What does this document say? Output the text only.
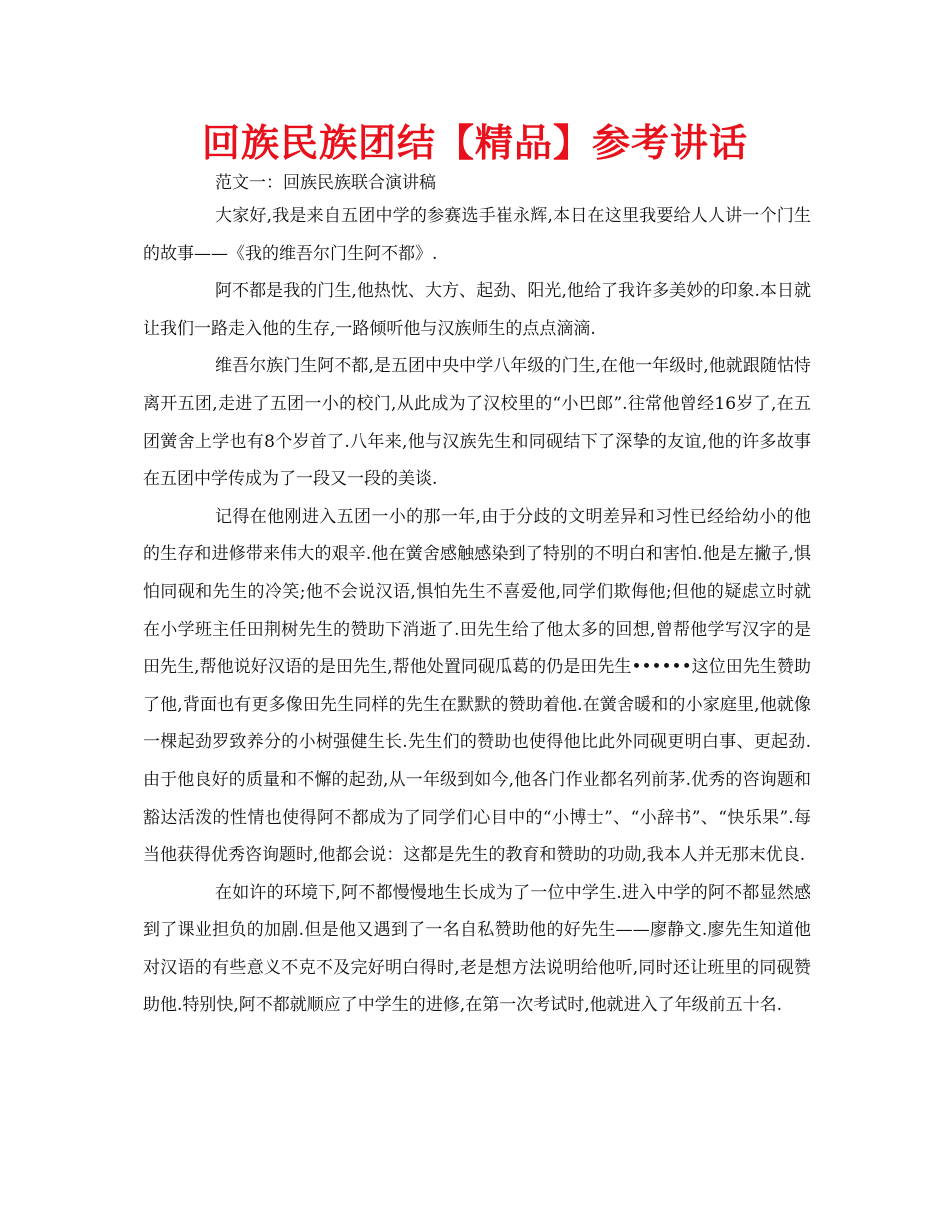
回族民族团结【精品】参考讲话

范文一：回族民族联合演讲稿

大家好,我是来自五团中学的参赛选手崔永辉,本日在这里我要给人人讲一个门生的故事——《我的维吾尔门生阿不都》.

阿不都是我的门生,他热忱、大方、起劲、阳光,他给了我许多美妙的印象.本日就让我们一路走入他的生存,一路倾听他与汉族师生的点点滴滴.

维吾尔族门生阿不都,是五团中央中学八年级的门生,在他一年级时,他就跟随怙恃离开五团,走进了五团一小的校门,从此成为了汉校里的“小巴郎”.往常他曾经16岁了,在五团黉舍上学也有8个岁首了.八年来,他与汉族先生和同砚结下了深挚的友谊,他的许多故事在五团中学传成为了一段又一段的美谈.

记得在他刚进入五团一小的那一年,由于分歧的文明差异和习性已经给幼小的他的生存和进修带来伟大的艰辛.他在黉舍感触感染到了特别的不明白和害怕.他是左撇子,惧怕同砚和先生的冷笑;他不会说汉语,惧怕先生不喜爱他,同学们欺侮他;但他的疑虑立时就在小学班主任田荆树先生的赞助下消逝了.田先生给了他太多的回想,曾帮他学写汉字的是田先生,帮他说好汉语的是田先生,帮他处置同砚瓜葛的仍是田先生••••••这位田先生赞助了他,背面也有更多像田先生同样的先生在默默的赞助着他.在黉舍暖和的小家庭里,他就像一棵起劲罗致养分的小树强健生长.先生们的赞助也使得他比此外同砚更明白事、更起劲.由于他良好的质量和不懈的起劲,从一年级到如今,他各门作业都名列前茅.优秀的咨询题和豁达活泼的性情也使得阿不都成为了同学们心目中的“小博士”、“小辞书”、“快乐果”.每当他获得优秀咨询题时,他都会说：这都是先生的教育和赞助的功勋,我本人并无那末优良.

在如许的环境下,阿不都慢慢地生长成为了一位中学生.进入中学的阿不都显然感到了课业担负的加剧.但是他又遇到了一名自私赞助他的好先生——廖静文.廖先生知道他对汉语的有些意义不克不及完好明白得时,老是想方法说明给他听,同时还让班里的同砚赞助他.特别快,阿不都就顺应了中学生的进修,在第一次考试时,他就进入了年级前五十名.
